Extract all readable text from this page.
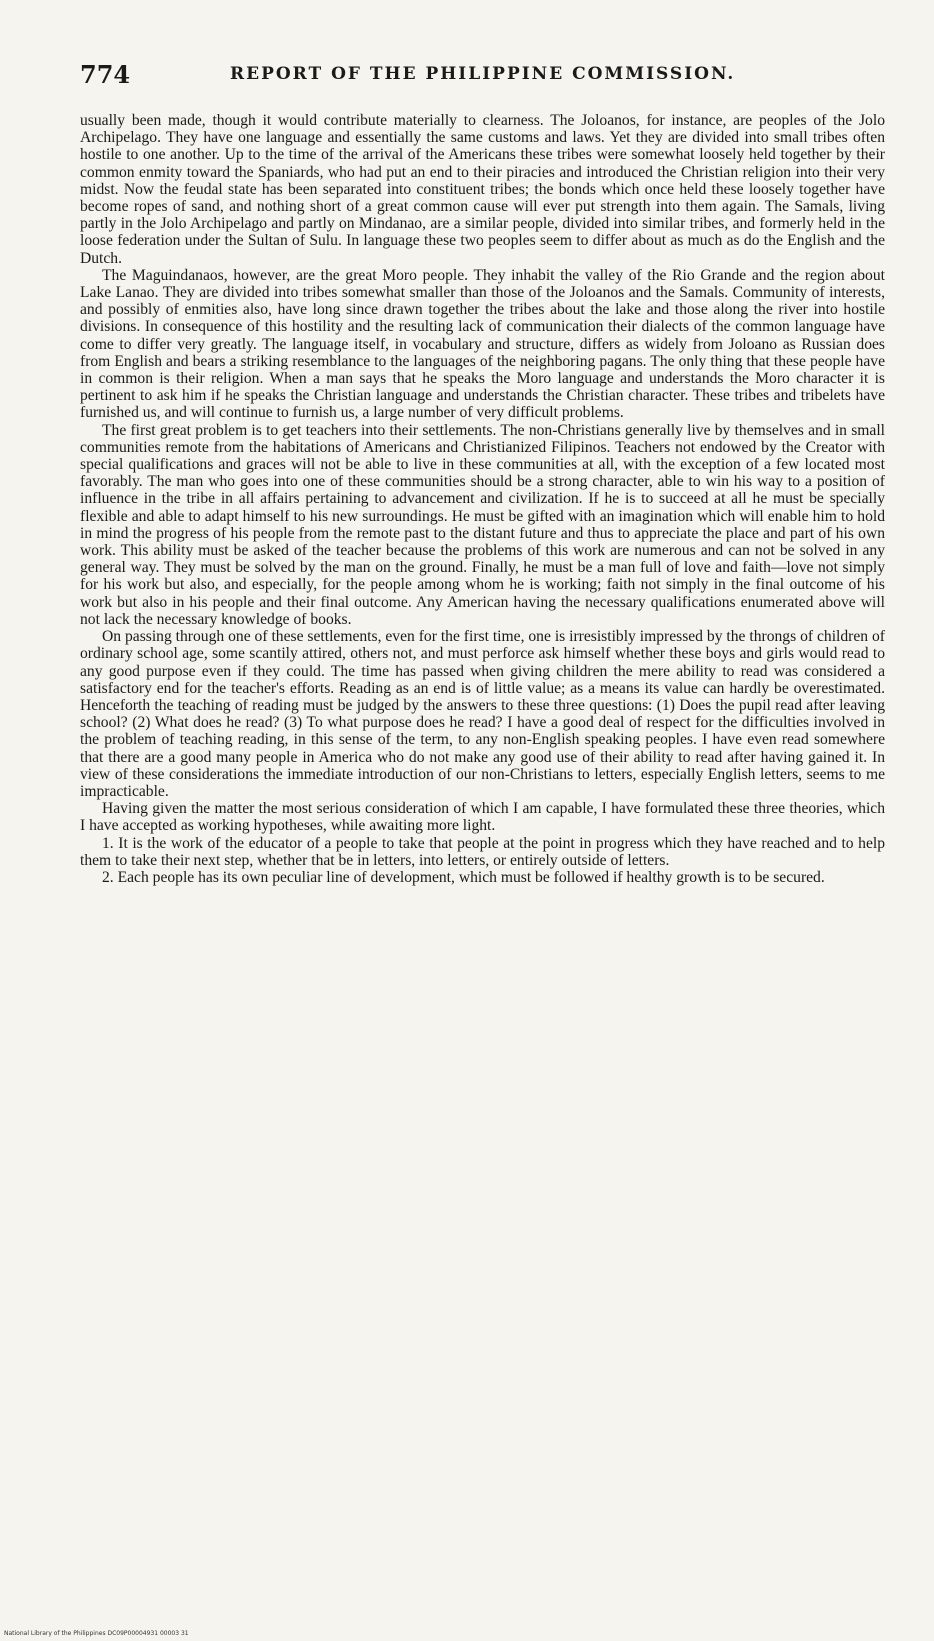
774	REPORT OF THE PHILIPPINE COMMISSION.

usually been made, though it would contribute materially to clearness. The Joloanos, for instance, are peoples of the Jolo Archipelago. They have one language and essentially the same customs and laws. Yet they are divided into small tribes often hostile to one another. Up to the time of the arrival of the Americans these tribes were somewhat loosely held together by their common enmity toward the Spaniards, who had put an end to their piracies and introduced the Christian religion into their very midst. Now the feudal state has been separated into constituent tribes; the bonds which once held these loosely together have become ropes of sand, and nothing short of a great common cause will ever put strength into them again. The Samals, living partly in the Jolo Archipelago and partly on Mindanao, are a similar people, divided into similar tribes, and formerly held in the loose federation under the Sultan of Sulu. In language these two peoples seem to differ about as much as do the English and the Dutch.

The Maguindanaos, however, are the great Moro people. They inhabit the valley of the Rio Grande and the region about Lake Lanao. They are divided into tribes somewhat smaller than those of the Joloanos and the Samals. Community of interests, and possibly of enmities also, have long since drawn together the tribes about the lake and those along the river into hostile divisions. In consequence of this hostility and the resulting lack of communication their dialects of the common language have come to differ very greatly. The language itself, in vocabulary and structure, differs as widely from Joloano as Russian does from English and bears a striking resemblance to the languages of the neighboring pagans. The only thing that these people have in common is their religion. When a man says that he speaks the Moro language and understands the Moro character it is pertinent to ask him if he speaks the Christian language and understands the Christian character. These tribes and tribelets have furnished us, and will continue to furnish us, a large number of very difficult problems.

The first great problem is to get teachers into their settlements. The non-Christians generally live by themselves and in small communities remote from the habitations of Americans and Christianized Filipinos. Teachers not endowed by the Creator with special qualifications and graces will not be able to live in these communities at all, with the exception of a few located most favorably. The man who goes into one of these communities should be a strong character, able to win his way to a position of influence in the tribe in all affairs pertaining to advancement and civilization. If he is to succeed at all he must be specially flexible and able to adapt himself to his new surroundings. He must be gifted with an imagination which will enable him to hold in mind the progress of his people from the remote past to the distant future and thus to appreciate the place and part of his own work. This ability must be asked of the teacher because the problems of this work are numerous and can not be solved in any general way. They must be solved by the man on the ground. Finally, he must be a man full of love and faith—love not simply for his work but also, and especially, for the people among whom he is working; faith not simply in the final outcome of his work but also in his people and their final outcome. Any American having the necessary qualifications enumerated above will not lack the necessary knowledge of books.

On passing through one of these settlements, even for the first time, one is irresistibly impressed by the throngs of children of ordinary school age, some scantily attired, others not, and must perforce ask himself whether these boys and girls would read to any good purpose even if they could. The time has passed when giving children the mere ability to read was considered a satisfactory end for the teacher's efforts. Reading as an end is of little value; as a means its value can hardly be overestimated. Henceforth the teaching of reading must be judged by the answers to these three questions: (1) Does the pupil read after leaving school? (2) What does he read? (3) To what purpose does he read? I have a good deal of respect for the difficulties involved in the problem of teaching reading, in this sense of the term, to any non-English speaking peoples. I have even read somewhere that there are a good many people in America who do not make any good use of their ability to read after having gained it. In view of these considerations the immediate introduction of our non-Christians to letters, especially English letters, seems to me impracticable.

Having given the matter the most serious consideration of which I am capable, I have formulated these three theories, which I have accepted as working hypotheses, while awaiting more light.

1. It is the work of the educator of a people to take that people at the point in progress which they have reached and to help them to take their next step, whether that be in letters, into letters, or entirely outside of letters.

2. Each people has its own peculiar line of development, which must be followed if healthy growth is to be secured.

National Library of the Philippines DC09P00004931 00003 31
